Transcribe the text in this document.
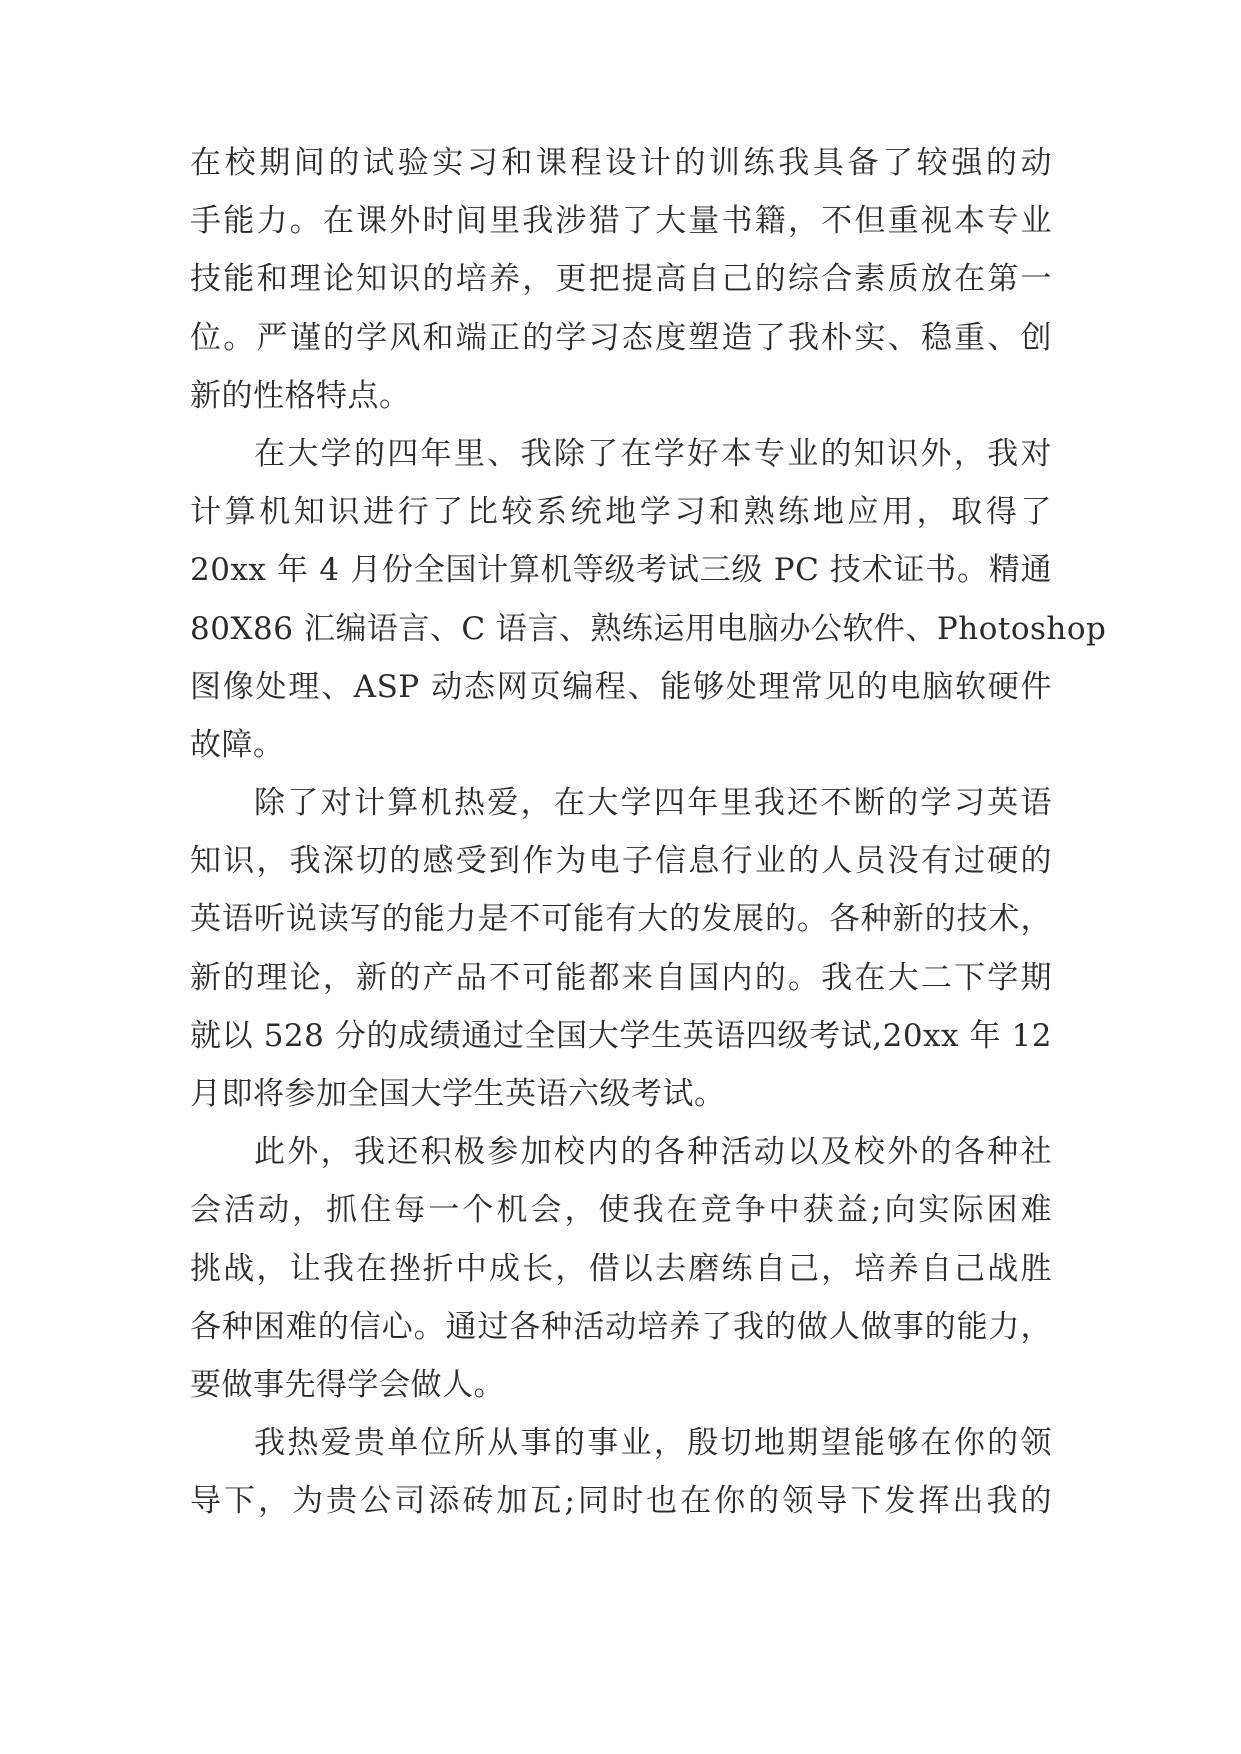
在校期间的试验实习和课程设计的训练我具备了较强的动
手能力。在课外时间里我涉猎了大量书籍，不但重视本专业
技能和理论知识的培养，更把提高自己的综合素质放在第一
位。严谨的学风和端正的学习态度塑造了我朴实、稳重、创
新的性格特点。
在大学的四年里、我除了在学好本专业的知识外，我对
计算机知识进行了比较系统地学习和熟练地应用，取得了
20xx 年 4 月份全国计算机等级考试三级 PC 技术证书。精通
80X86 汇编语言、C 语言、熟练运用电脑办公软件、Photoshop
图像处理、ASP 动态网页编程、能够处理常见的电脑软硬件
故障。
除了对计算机热爱，在大学四年里我还不断的学习英语
知识，我深切的感受到作为电子信息行业的人员没有过硬的
英语听说读写的能力是不可能有大的发展的。各种新的技术，
新的理论，新的产品不可能都来自国内的。我在大二下学期
就以 528 分的成绩通过全国大学生英语四级考试,20xx 年 12
月即将参加全国大学生英语六级考试。
此外，我还积极参加校内的各种活动以及校外的各种社
会活动，抓住每一个机会，使我在竞争中获益;向实际困难
挑战，让我在挫折中成长，借以去磨练自己，培养自己战胜
各种困难的信心。通过各种活动培养了我的做人做事的能力，
要做事先得学会做人。
我热爱贵单位所从事的事业，殷切地期望能够在你的领
导下，为贵公司添砖加瓦;同时也在你的领导下发挥出我的
